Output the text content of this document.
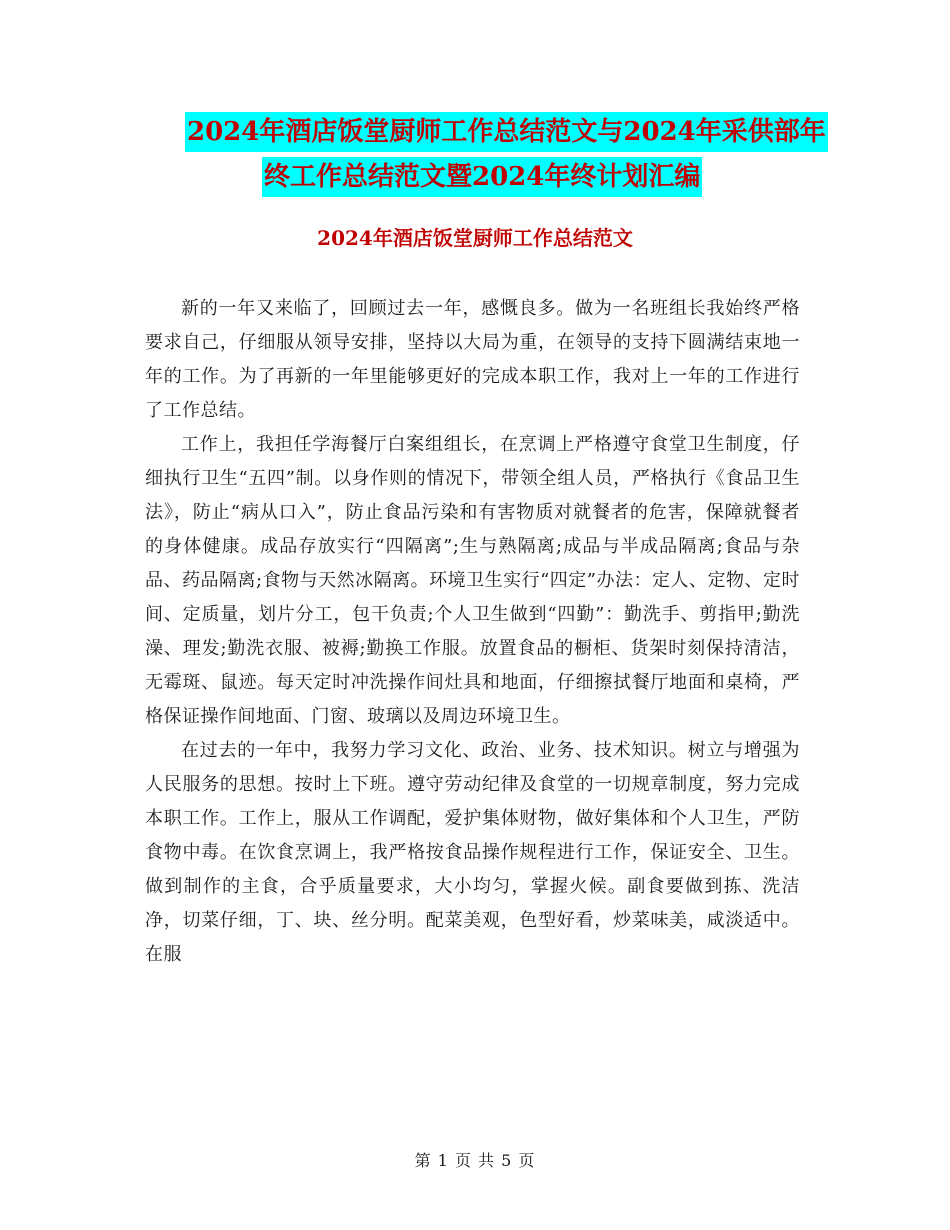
2024年酒店饭堂厨师工作总结范文与2024年采供部年
终工作总结范文暨2024年终计划汇编
2024年酒店饭堂厨师工作总结范文

新的一年又来临了，回顾过去一年，感慨良多。做为一名班组长我始终严格要求自己，仔细服从领导安排，坚持以大局为重，在领导的支持下圆满结束地一年的工作。为了再新的一年里能够更好的完成本职工作，我对上一年的工作进行了工作总结。

工作上，我担任学海餐厅白案组组长，在烹调上严格遵守食堂卫生制度，仔细执行卫生“五四”制。以身作则的情况下，带领全组人员，严格执行《食品卫生法》，防止“病从口入”，防止食品污染和有害物质对就餐者的危害，保障就餐者的身体健康。成品存放实行“四隔离”;生与熟隔离;成品与半成品隔离;食品与杂品、药品隔离;食物与天然冰隔离。环境卫生实行“四定”办法：定人、定物、定时间、定质量，划片分工，包干负责;个人卫生做到“四勤”：勤洗手、剪指甲;勤洗澡、理发;勤洗衣服、被褥;勤换工作服。放置食品的橱柜、货架时刻保持清洁，无霉斑、鼠迹。每天定时冲洗操作间灶具和地面，仔细擦拭餐厅地面和桌椅，严格保证操作间地面、门窗、玻璃以及周边环境卫生。

在过去的一年中，我努力学习文化、政治、业务、技术知识。树立与增强为人民服务的思想。按时上下班。遵守劳动纪律及食堂的一切规章制度，努力完成本职工作。工作上，服从工作调配，爱护集体财物，做好集体和个人卫生，严防食物中毒。在饮食烹调上，我严格按食品操作规程进行工作，保证安全、卫生。做到制作的主食，合乎质量要求，大小均匀，掌握火候。副食要做到拣、洗洁净，切菜仔细，丁、块、丝分明。配菜美观，色型好看，炒菜味美，咸淡适中。在服

第 1 页 共 5 页
